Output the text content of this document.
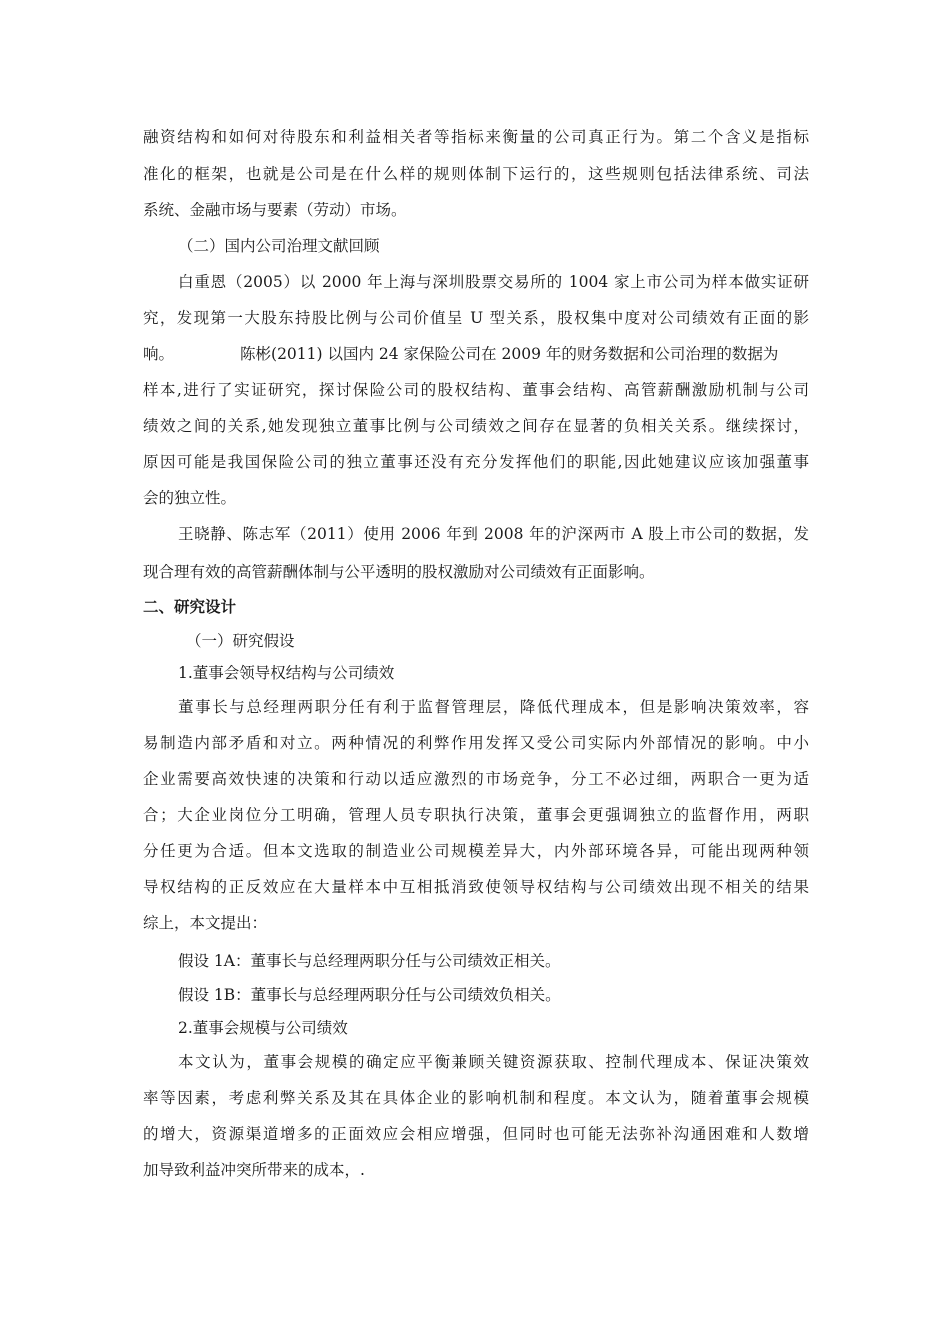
融资结构和如何对待股东和利益相关者等指标来衡量的公司真正行为。第二个含义是指标
准化的框架，也就是公司是在什么样的规则体制下运行的，这些规则包括法律系统、司法
系统、金融市场与要素（劳动）市场。
（二）国内公司治理文献回顾
白重恩（2005）以 2000 年上海与深圳股票交易所的 1004 家上市公司为样本做实证研
究，发现第一大股东持股比例与公司价值呈 U 型关系，股权集中度对公司绩效有正面的影
响。	陈彬(2011) 以国内 24 家保险公司在 2009 年的财务数据和公司治理的数据为
样本,进行了实证研究，探讨保险公司的股权结构、董事会结构、高管薪酬激励机制与公司
绩效之间的关系,她发现独立董事比例与公司绩效之间存在显著的负相关关系。继续探讨，
原因可能是我国保险公司的独立董事还没有充分发挥他们的职能,因此她建议应该加强董事
会的独立性。
王晓静、陈志军（2011）使用 2006 年到 2008 年的沪深两市 A 股上市公司的数据，发
现合理有效的高管薪酬体制与公平透明的股权激励对公司绩效有正面影响。
二、研究设计
（一）研究假设
1.董事会领导权结构与公司绩效
董事长与总经理两职分任有利于监督管理层，降低代理成本，但是影响决策效率，容
易制造内部矛盾和对立。两种情况的利弊作用发挥又受公司实际内外部情况的影响。中小
企业需要高效快速的决策和行动以适应激烈的市场竞争，分工不必过细，两职合一更为适
合；大企业岗位分工明确，管理人员专职执行决策，董事会更强调独立的监督作用，两职
分任更为合适。但本文选取的制造业公司规模差异大，内外部环境各异，可能出现两种领
导权结构的正反效应在大量样本中互相抵消致使领导权结构与公司绩效出现不相关的结果
综上，本文提出：
假设 1A：董事长与总经理两职分任与公司绩效正相关。
假设 1B：董事长与总经理两职分任与公司绩效负相关。
2.董事会规模与公司绩效
本文认为，董事会规模的确定应平衡兼顾关键资源获取、控制代理成本、保证决策效
率等因素，考虑利弊关系及其在具体企业的影响机制和程度。本文认为，随着董事会规模
的增大，资源渠道增多的正面效应会相应增强，但同时也可能无法弥补沟通困难和人数增
加导致利益冲突所带来的成本，.
